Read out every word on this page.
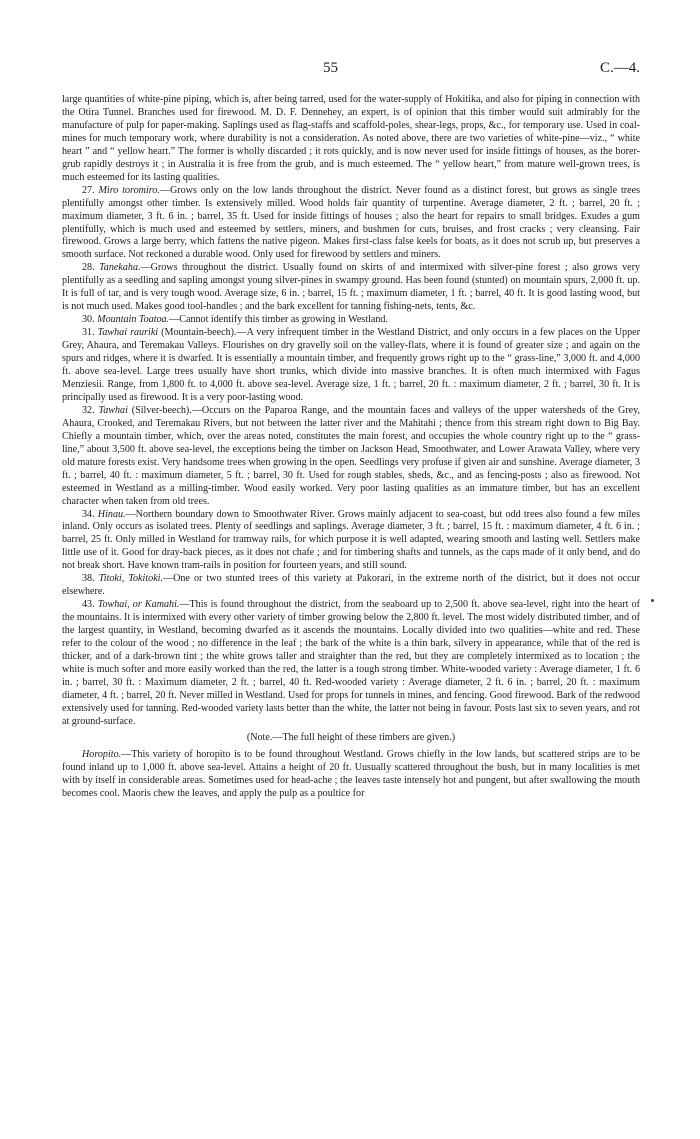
55	C.—4.

large quantities of white-pine piping, which is, after being tarred, used for the water-supply of Hokitika, and also for piping in connection with the Otira Tunnel. Branches used for firewood. M. D. F. Dennehey, an expert, is of opinion that this timber would suit admirably for the manufacture of pulp for paper-making. Saplings used as flag-staffs and scaffold-poles, shear-legs, props, &c., for temporary use. Used in coal-mines for much temporary work, where durability is not a consideration. As noted above, there are two varieties of white-pine—viz., “ white heart ” and “ yellow heart.” The former is wholly discarded ; it rots quickly, and is now never used for inside fittings of houses, as the borer-grub rapidly destroys it ; in Australia it is free from the grub, and is much esteemed. The “ yellow heart,” from mature well-grown trees, is much esteemed for its lasting qualities.

27. Miro toromiro.—Grows only on the low lands throughout the district. Never found as a distinct forest, but grows as single trees plentifully amongst other timber. Is extensively milled. Wood holds fair quantity of turpentine. Average diameter, 2 ft. ; barrel, 20 ft. ; maximum diameter, 3 ft. 6 in. ; barrel, 35 ft. Used for inside fittings of houses ; also the heart for repairs to small bridges. Exudes a gum plentifully, which is much used and esteemed by settlers, miners, and bushmen for cuts, bruises, and frost cracks ; very cleansing. Fair firewood. Grows a large berry, which fattens the native pigeon. Makes first-class false keels for boats, as it does not scrub up, but preserves a smooth surface. Not reckoned a durable wood. Only used for firewood by settlers and miners.

28. Tanekaha.—Grows throughout the district. Usually found on skirts of and intermixed with silver-pine forest ; also grows very plentifully as a seedling and sapling amongst young silver-pines in swampy ground. Has been found (stunted) on mountain spurs, 2,000 ft. up. It is full of tar, and is very tough wood. Average size, 6 in. ; barrel, 15 ft. ; maximum diameter, 1 ft. ; barrel, 40 ft. It is good lasting wood, but is not much used. Makes good tool-handles ; and the bark excellent for tanning fishing-nets, tents, &c.

30. Mountain Toatoa.—Cannot identify this timber as growing in Westland.

31. Tawhai rauriki (Mountain-beech).—A very infrequent timber in the Westland District, and only occurs in a few places on the Upper Grey, Ahaura, and Teremakau Valleys. Flourishes on dry gravelly soil on the valley-flats, where it is found of greater size ; and again on the spurs and ridges, where it is dwarfed. It is essentially a mountain timber, and frequently grows right up to the “ grass-line,” 3,000 ft. and 4,000 ft. above sea-level. Large trees usually have short trunks, which divide into massive branches. It is often much intermixed with Fagus Menziesii. Range, from 1,800 ft. to 4,000 ft. above sea-level. Average size, 1 ft. ; barrel, 20 ft. : maximum diameter, 2 ft. ; barrel, 30 ft. It is principally used as firewood. It is a very poor-lasting wood.

32. Tawhai (Silver-beech).—Occurs on the Paparoa Range, and the mountain faces and valleys of the upper watersheds of the Grey, Ahaura, Crooked, and Teremakau Rivers, but not between the latter river and the Mahitahi ; thence from this stream right down to Big Bay. Chiefly a mountain timber, which, over the areas noted, constitutes the main forest, and occupies the whole country right up to the “ grass-line,” about 3,500 ft. above sea-level, the exceptions being the timber on Jackson Head, Smoothwater, and Lower Arawata Valley, where very old mature forests exist. Very handsome trees when growing in the open. Seedlings very profuse if given air and sunshine. Average diameter, 3 ft. ; barrel, 40 ft. : maximum diameter, 5 ft. ; barrel, 30 ft. Used for rough stables, sheds, &c., and as fencing-posts ; also as firewood. Not esteemed in Westland as a milling-timber. Wood easily worked. Very poor lasting qualities as an immature timber, but has an excellent character when taken from old trees.

34. Hinau.—Northern boundary down to Smoothwater River. Grows mainly adjacent to sea-coast, but odd trees also found a few miles inland. Only occurs as isolated trees. Plenty of seedlings and saplings. Average diameter, 3 ft. ; barrel, 15 ft. : maximum diameter, 4 ft. 6 in. ; barrel, 25 ft. Only milled in Westland for tramway rails, for which purpose it is well adapted, wearing smooth and lasting well. Settlers make little use of it. Good for dray-back pieces, as it does not chafe ; and for timbering shafts and tunnels, as the caps made of it only bend, and do not break short. Have known tram-rails in position for fourteen years, and still sound.

38. Titoki, Tokitoki.—One or two stunted trees of this variety at Pakorari, in the extreme north of the district, but it does not occur elsewhere.

43. Towhai, or Kamahi.—This is found throughout the district, from the seaboard up to 2,500 ft. above sea-level, right into the heart of the mountains. It is intermixed with every other variety of timber growing below the 2,800 ft. level. The most widely distributed timber, and of the largest quantity, in Westland, becoming dwarfed as it ascends the mountains. Locally divided into two qualities—white and red. These refer to the colour of the wood ; no difference in the leaf ; the bark of the white is a thin bark, silvery in appearance, while that of the red is thicker, and of a dark-brown tint ; the white grows taller and straighter than the red, but they are completely intermixed as to location ; the white is much softer and more easily worked than the red, the latter is a tough strong timber. White-wooded variety : Average diameter, 1 ft. 6 in. ; barrel, 30 ft. : Maximum diameter, 2 ft. ; barrel, 40 ft. Red-wooded variety : Average diameter, 2 ft. 6 in. ; barrel, 20 ft. : maximum diameter, 4 ft. ; barrel, 20 ft. Never milled in Westland. Used for props for tunnels in mines, and fencing. Good firewood. Bark of the redwood extensively used for tanning. Red-wooded variety lasts better than the white, the latter not being in favour. Posts last six to seven years, and rot at ground-surface.

(Note.—The full height of these timbers are given.)

Horopito.—This variety of horopito is to be found throughout Westland. Grows chiefly in the low lands, but scattered strips are to be found inland up to 1,000 ft. above sea-level. Attains a height of 20 ft. Uusually scattered throughout the bush, but in many localities is met with by itself in considerable areas. Sometimes used for head-ache ; the leaves taste intensely hot and pungent, but after swallowing the mouth becomes cool. Maoris chew the leaves, and apply the pulp as a poultice for
